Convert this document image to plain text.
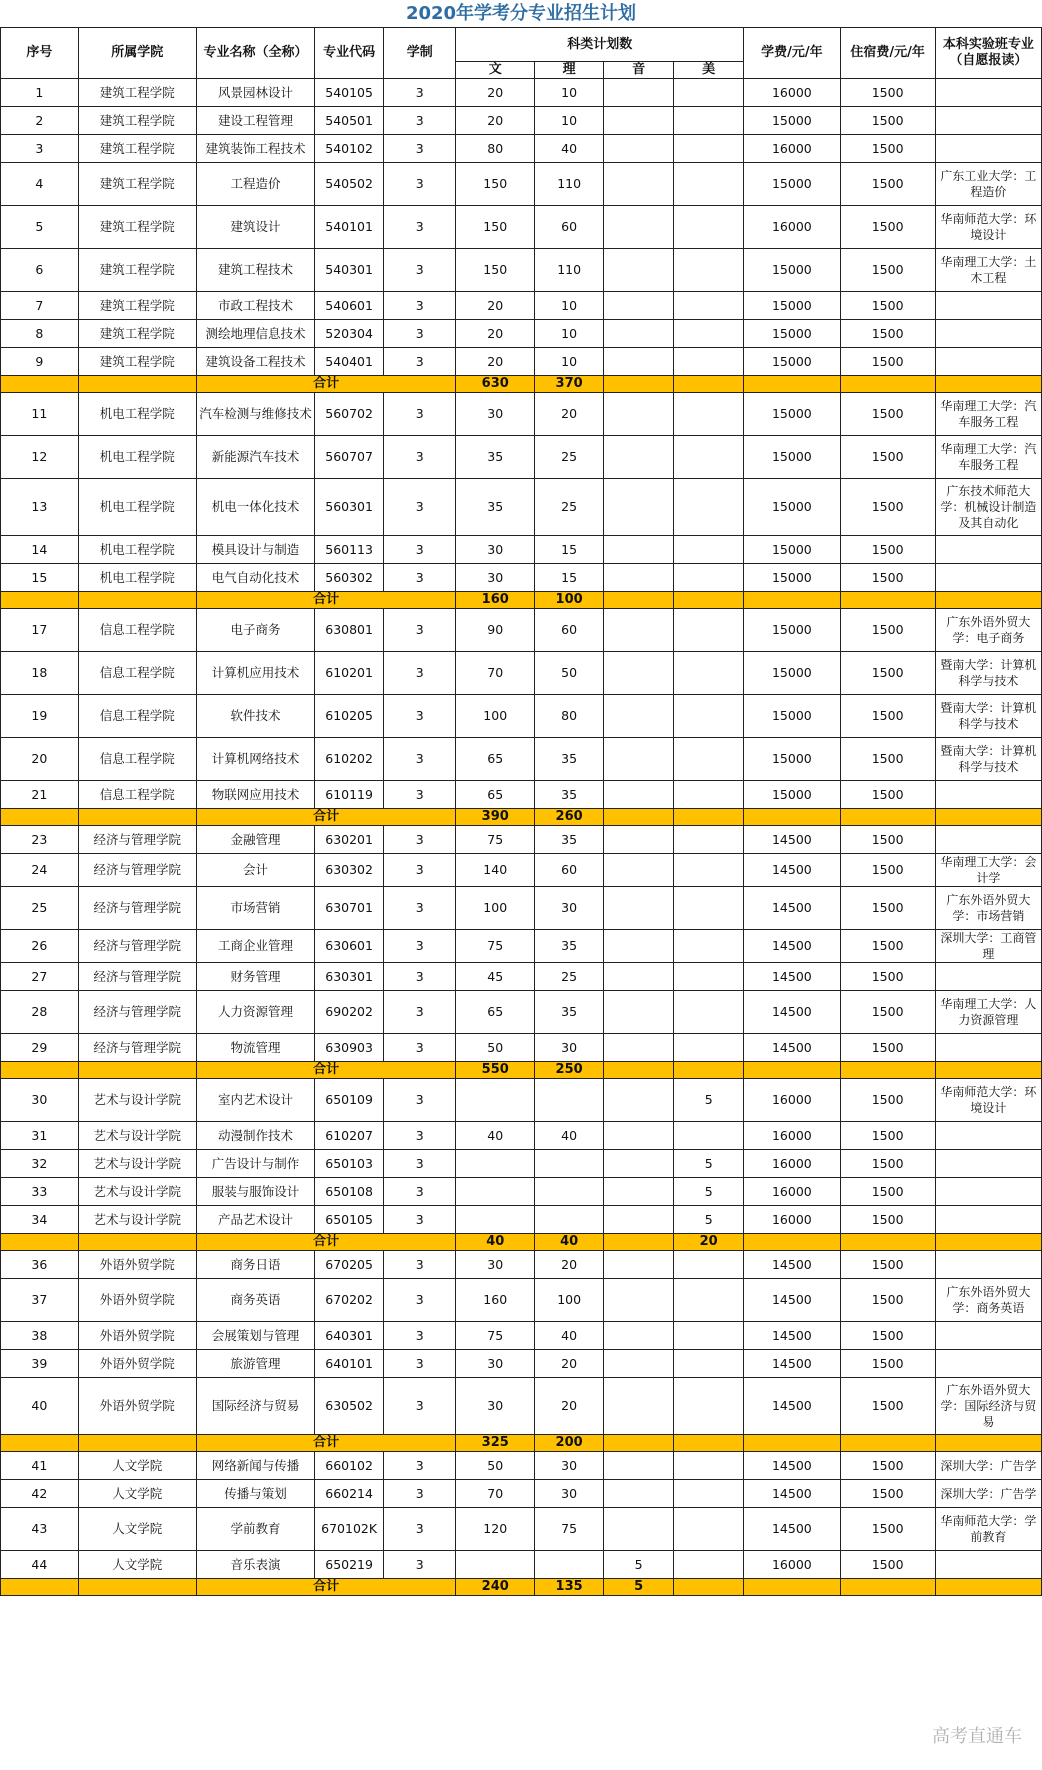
2020年学考分专业招生计划
序号	所属学院	专业名称（全称）	专业代码	学制	科类计划数				学费/元/年	住宿费/元/年	本科实验班专业（自愿报读）
					文	理	音	美			
1	建筑工程学院	风景园林设计	540105	3	20	10			16000	1500	
2	建筑工程学院	建设工程管理	540501	3	20	10			15000	1500	
3	建筑工程学院	建筑装饰工程技术	540102	3	80	40			16000	1500	
4	建筑工程学院	工程造价	540502	3	150	110			15000	1500	广东工业大学：工程造价
5	建筑工程学院	建筑设计	540101	3	150	60			16000	1500	华南师范大学：环境设计
6	建筑工程学院	建筑工程技术	540301	3	150	110			15000	1500	华南理工大学：土木工程
7	建筑工程学院	市政工程技术	540601	3	20	10			15000	1500	
8	建筑工程学院	测绘地理信息技术	520304	3	20	10			15000	1500	
9	建筑工程学院	建筑设备工程技术	540401	3	20	10			15000	1500	
		合计			630	370					
11	机电工程学院	汽车检测与维修技术	560702	3	30	20			15000	1500	华南理工大学：汽车服务工程
12	机电工程学院	新能源汽车技术	560707	3	35	25			15000	1500	华南理工大学：汽车服务工程
13	机电工程学院	机电一体化技术	560301	3	35	25			15000	1500	广东技术师范大学：机械设计制造及其自动化
14	机电工程学院	模具设计与制造	560113	3	30	15			15000	1500	
15	机电工程学院	电气自动化技术	560302	3	30	15			15000	1500	
		合计			160	100					
17	信息工程学院	电子商务	630801	3	90	60			15000	1500	广东外语外贸大学：电子商务
18	信息工程学院	计算机应用技术	610201	3	70	50			15000	1500	暨南大学：计算机科学与技术
19	信息工程学院	软件技术	610205	3	100	80			15000	1500	暨南大学：计算机科学与技术
20	信息工程学院	计算机网络技术	610202	3	65	35			15000	1500	暨南大学：计算机科学与技术
21	信息工程学院	物联网应用技术	610119	3	65	35			15000	1500	
		合计			390	260					
23	经济与管理学院	金融管理	630201	3	75	35			14500	1500	
24	经济与管理学院	会计	630302	3	140	60			14500	1500	华南理工大学：会计学
25	经济与管理学院	市场营销	630701	3	100	30			14500	1500	广东外语外贸大学：市场营销
26	经济与管理学院	工商企业管理	630601	3	75	35			14500	1500	深圳大学：工商管理
27	经济与管理学院	财务管理	630301	3	45	25			14500	1500	
28	经济与管理学院	人力资源管理	690202	3	65	35			14500	1500	华南理工大学：人力资源管理
29	经济与管理学院	物流管理	630903	3	50	30			14500	1500	
		合计			550	250					
30	艺术与设计学院	室内艺术设计	650109	3				5	16000	1500	华南师范大学：环境设计
31	艺术与设计学院	动漫制作技术	610207	3	40	40			16000	1500	
32	艺术与设计学院	广告设计与制作	650103	3				5	16000	1500	
33	艺术与设计学院	服装与服饰设计	650108	3				5	16000	1500	
34	艺术与设计学院	产品艺术设计	650105	3				5	16000	1500	
		合计			40	40		20			
36	外语外贸学院	商务日语	670205	3	30	20			14500	1500	
37	外语外贸学院	商务英语	670202	3	160	100			14500	1500	广东外语外贸大学：商务英语
38	外语外贸学院	会展策划与管理	640301	3	75	40			14500	1500	
39	外语外贸学院	旅游管理	640101	3	30	20			14500	1500	
40	外语外贸学院	国际经济与贸易	630502	3	30	20			14500	1500	广东外语外贸大学：国际经济与贸易
		合计			325	200					
41	人文学院	网络新闻与传播	660102	3	50	30			14500	1500	深圳大学：广告学
42	人文学院	传播与策划	660214	3	70	30			14500	1500	深圳大学：广告学
43	人文学院	学前教育	670102K	3	120	75			14500	1500	华南师范大学：学前教育
44	人文学院	音乐表演	650219	3			5		16000	1500	
		合计			240	135	5				
高考直通车
